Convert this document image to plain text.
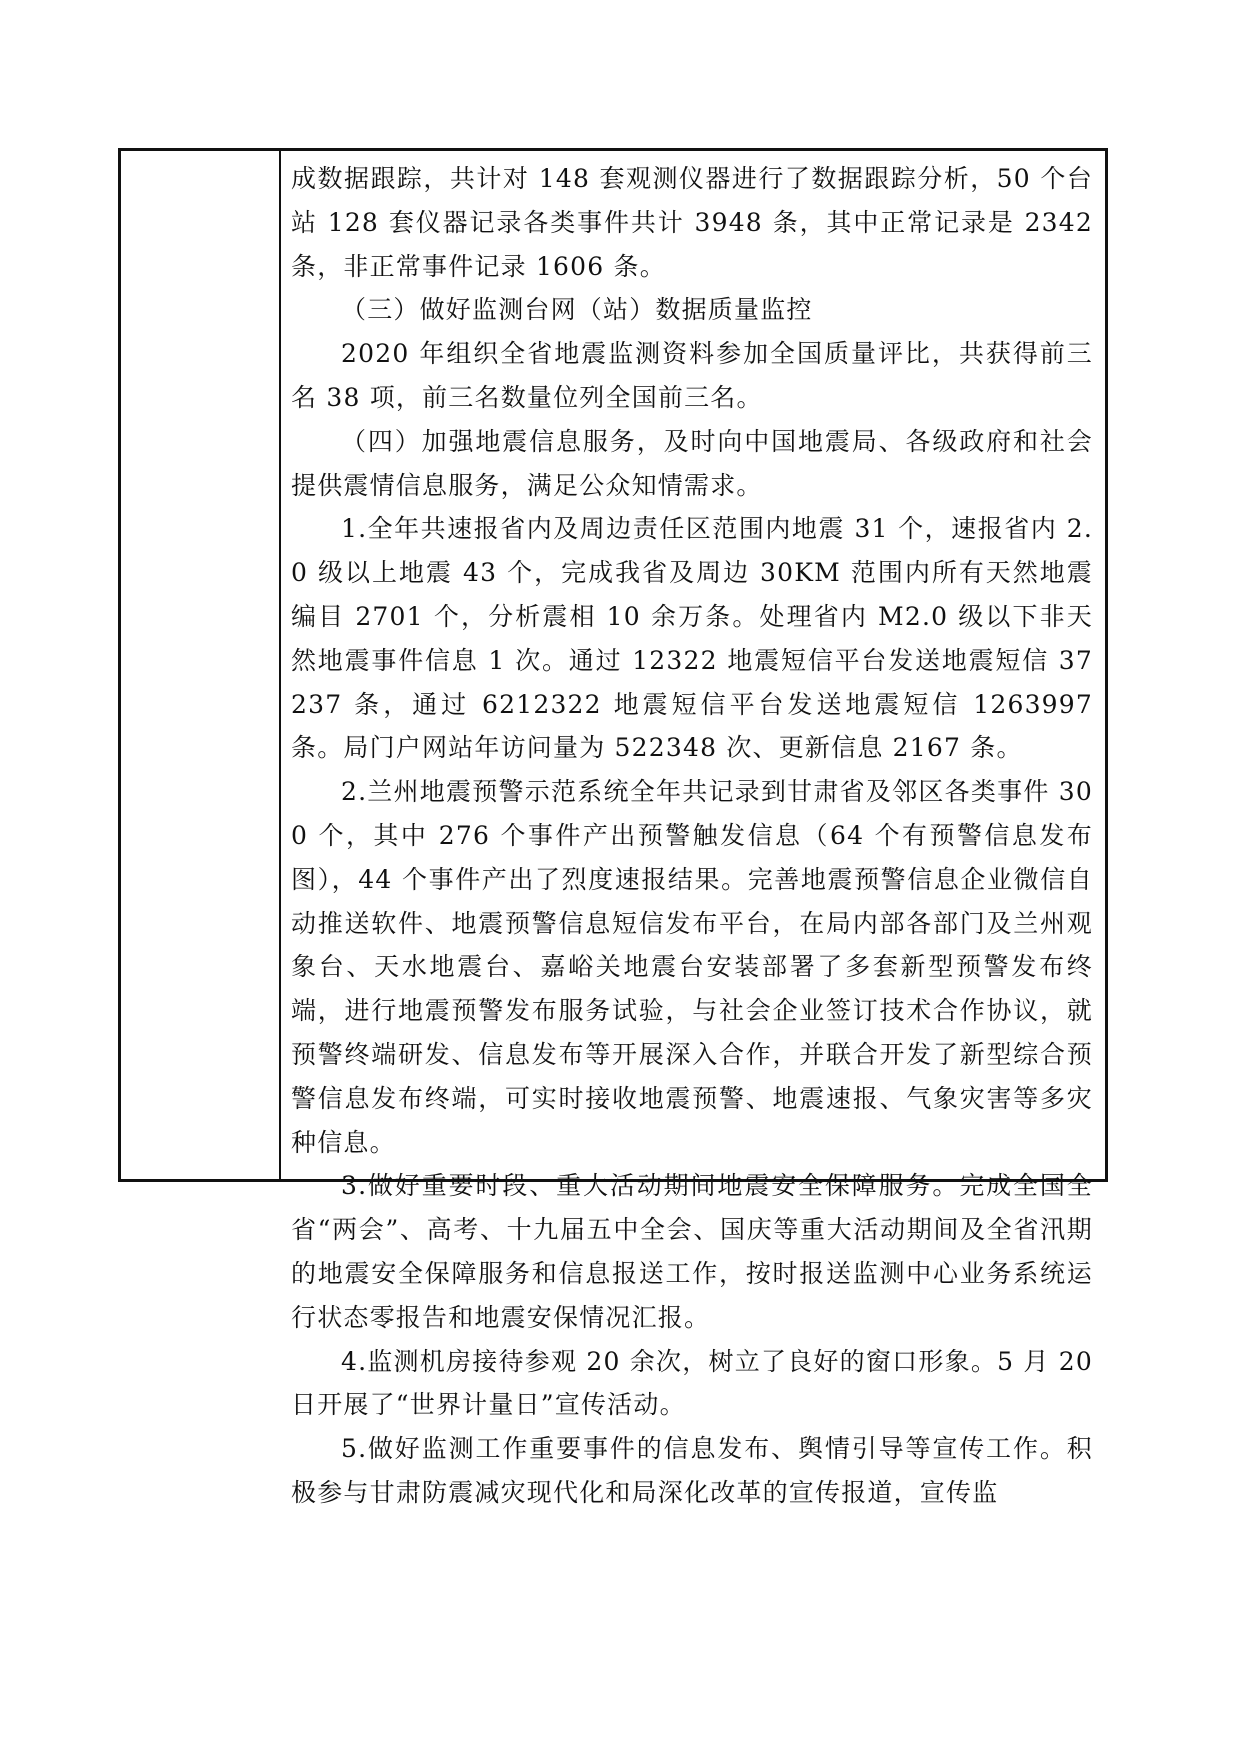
成数据跟踪，共计对 148 套观测仪器进行了数据跟踪分析，50 个台站 128 套仪器记录各类事件共计 3948 条，其中正常记录是 2342 条，非正常事件记录 1606 条。

（三）做好监测台网（站）数据质量监控

2020 年组织全省地震监测资料参加全国质量评比，共获得前三名 38 项，前三名数量位列全国前三名。

（四）加强地震信息服务，及时向中国地震局、各级政府和社会提供震情信息服务，满足公众知情需求。

1.全年共速报省内及周边责任区范围内地震 31 个，速报省内 2.0 级以上地震 43 个，完成我省及周边 30KM 范围内所有天然地震编目 2701 个，分析震相 10 余万条。处理省内 M2.0 级以下非天然地震事件信息 1 次。通过 12322 地震短信平台发送地震短信 37237 条，通过 6212322 地震短信平台发送地震短信 1263997 条。局门户网站年访问量为 522348 次、更新信息 2167 条。

2.兰州地震预警示范系统全年共记录到甘肃省及邻区各类事件 300 个，其中 276 个事件产出预警触发信息（64 个有预警信息发布图），44 个事件产出了烈度速报结果。完善地震预警信息企业微信自动推送软件、地震预警信息短信发布平台，在局内部各部门及兰州观象台、天水地震台、嘉峪关地震台安装部署了多套新型预警发布终端，进行地震预警发布服务试验，与社会企业签订技术合作协议，就预警终端研发、信息发布等开展深入合作，并联合开发了新型综合预警信息发布终端，可实时接收地震预警、地震速报、气象灾害等多灾种信息。

3.做好重要时段、重大活动期间地震安全保障服务。完成全国全省“两会”、高考、十九届五中全会、国庆等重大活动期间及全省汛期的地震安全保障服务和信息报送工作，按时报送监测中心业务系统运行状态零报告和地震安保情况汇报。

4.监测机房接待参观 20 余次，树立了良好的窗口形象。5 月 20 日开展了“世界计量日”宣传活动。

5.做好监测工作重要事件的信息发布、舆情引导等宣传工作。积极参与甘肃防震减灾现代化和局深化改革的宣传报道，宣传监
